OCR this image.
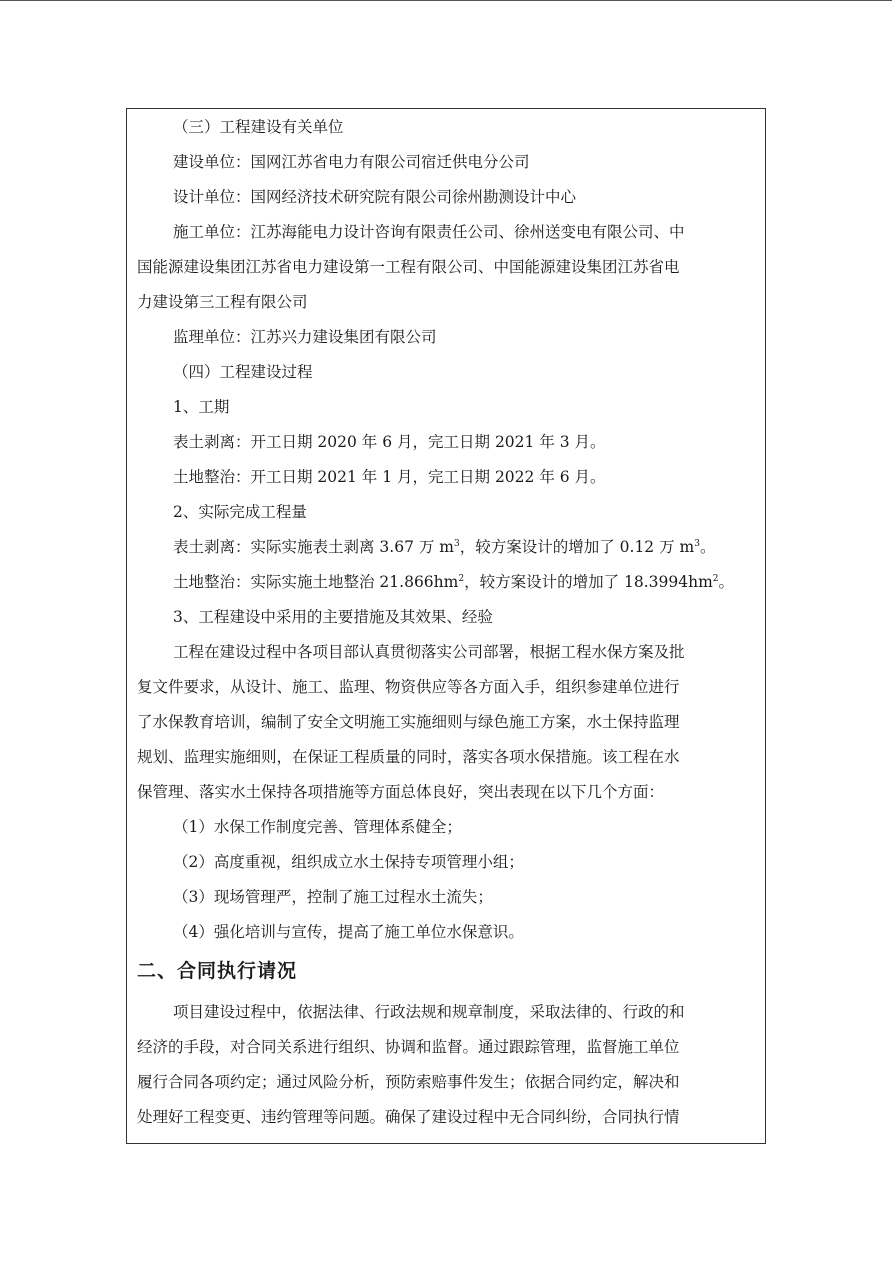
（三）工程建设有关单位
建设单位：国网江苏省电力有限公司宿迁供电分公司
设计单位：国网经济技术研究院有限公司徐州勘测设计中心
施工单位：江苏海能电力设计咨询有限责任公司、徐州送变电有限公司、中
国能源建设集团江苏省电力建设第一工程有限公司、中国能源建设集团江苏省电
力建设第三工程有限公司
监理单位：江苏兴力建设集团有限公司
（四）工程建设过程
1、工期
表土剥离：开工日期 2020 年 6 月，完工日期 2021 年 3 月。
土地整治：开工日期 2021 年 1 月，完工日期 2022 年 6 月。
2、实际完成工程量
表土剥离：实际实施表土剥离 3.67 万 $m^3$，较方案设计的增加了 0.12 万 $m^3$。
土地整治：实际实施土地整治 $21.866hm^2$，较方案设计的增加了 $18.3994hm^2$。
3、工程建设中采用的主要措施及其效果、经验
工程在建设过程中各项目部认真贯彻落实公司部署，根据工程水保方案及批
复文件要求，从设计、施工、监理、物资供应等各方面入手，组织参建单位进行
了水保教育培训，编制了安全文明施工实施细则与绿色施工方案，水土保持监理
规划、监理实施细则，在保证工程质量的同时，落实各项水保措施。该工程在水
保管理、落实水土保持各项措施等方面总体良好，突出表现在以下几个方面：
（1）水保工作制度完善、管理体系健全；
（2）高度重视，组织成立水土保持专项管理小组；
（3）现场管理严，控制了施工过程水土流失；
（4）强化培训与宣传，提高了施工单位水保意识。
二、合同执行请况
项目建设过程中，依据法律、行政法规和规章制度，采取法律的、行政的和
经济的手段，对合同关系进行组织、协调和监督。通过跟踪管理，监督施工单位
履行合同各项约定；通过风险分析，预防索赔事件发生；依据合同约定，解决和
处理好工程变更、违约管理等问题。确保了建设过程中无合同纠纷，合同执行情
